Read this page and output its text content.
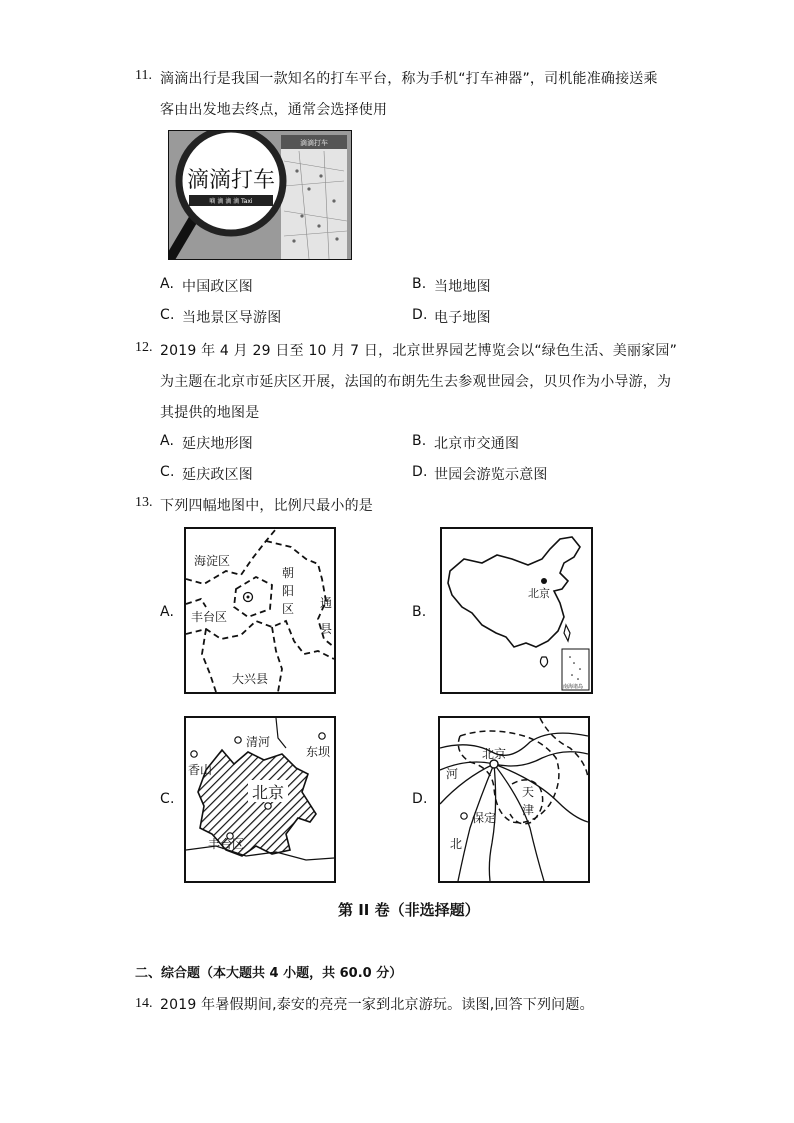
11. 滴滴出行是我国一款知名的打车平台，称为手机“打车神器”，司机能准确接送乘
客由出发地去终点，通常会选择使用
滴滴打车
滴滴打车
嘀 滴 滴 滴 Taxi
A. 中国政区图	B. 当地地图
C. 当地景区导游图	D. 电子地图
12. 2019 年 4 月 29 日至 10 月 7 日，北京世界园艺博览会以“绿色生活、美丽家园”
为主题在北京市延庆区开展，法国的布朗先生去参观世园会，贝贝作为小导游，为
其提供的地图是
A. 延庆地形图	B. 北京市交通图
C. 延庆政区图	D. 世园会游览示意图
13. 下列四幅地图中，比例尺最小的是
A.
海淀区
朝
阳
区
丰台区
通
县
大兴县
B.
北京
南海诸岛
C.
清河
东坝
香山
北京
丰台区
D.
北京
河
天
津
保定
北
第 II 卷（非选择题）
二、综合题（本大题共 4 小题，共 60.0 分）
14. 2019 年暑假期间,泰安的亮亮一家到北京游玩。读图,回答下列问题。
